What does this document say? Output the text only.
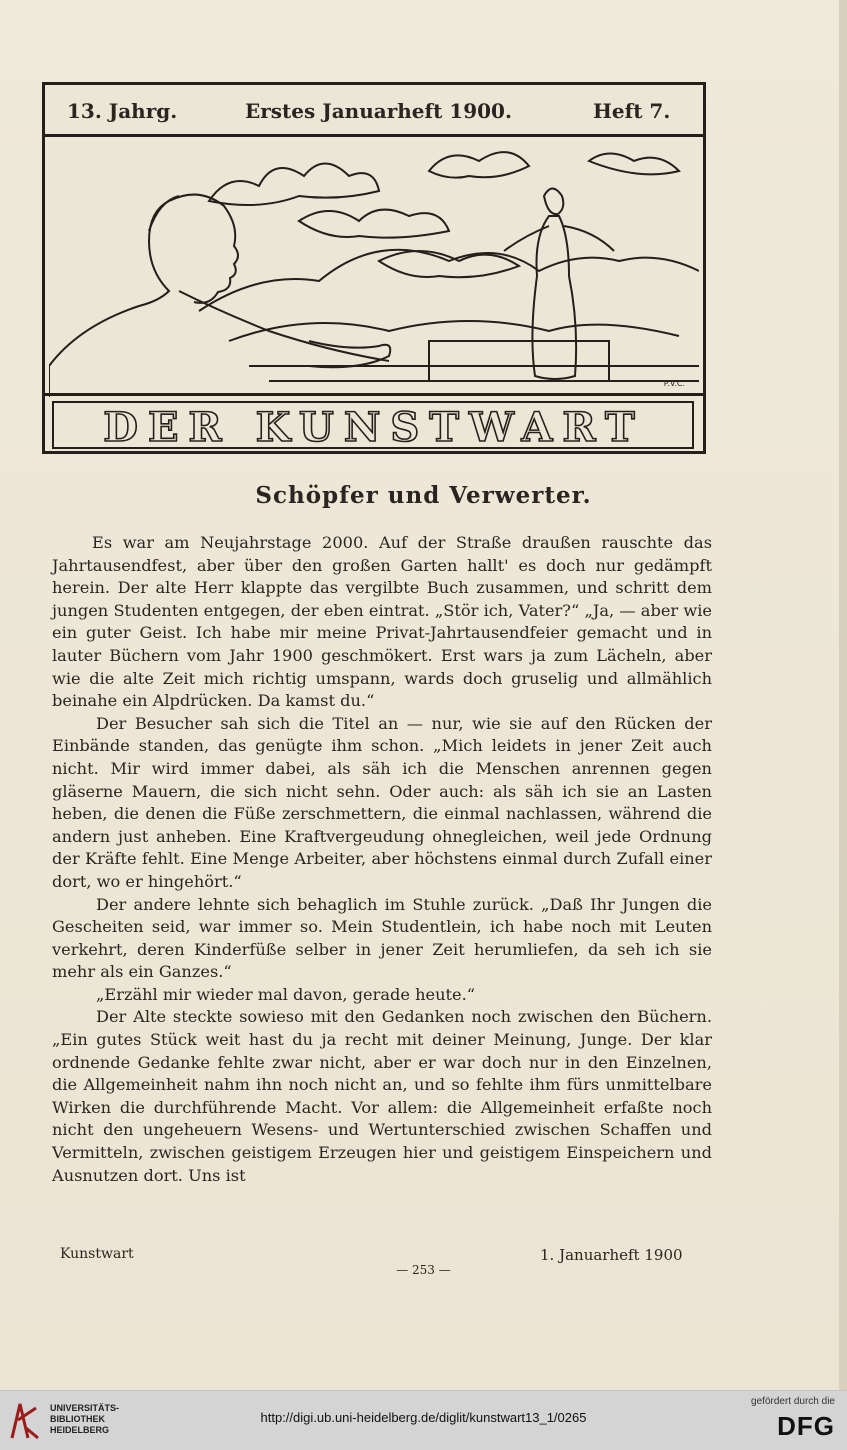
13. Jahrg.	Erstes Januarheft 1900.	Heft 7.
P.V.C.
DER KUNSTWART
Schöpfer und Verwerter.

Es war am Neujahrstage 2000. Auf der Straße draußen rauschte das Jahrtausendfest, aber über den großen Garten hallt' es doch nur gedämpft herein. Der alte Herr klappte das vergilbte Buch zusammen, und schritt dem jungen Studenten entgegen, der eben eintrat. „Stör ich, Vater?“ „Ja, — aber wie ein guter Geist. Ich habe mir meine Privat-Jahrtausendfeier gemacht und in lauter Büchern vom Jahr 1900 geschmökert. Erst wars ja zum Lächeln, aber wie die alte Zeit mich richtig umspann, wards doch gruselig und allmählich beinahe ein Alpdrücken. Da kamst du.“

Der Besucher sah sich die Titel an — nur, wie sie auf den Rücken der Einbände standen, das genügte ihm schon. „Mich leidets in jener Zeit auch nicht. Mir wird immer dabei, als säh ich die Menschen anrennen gegen gläserne Mauern, die sich nicht sehn. Oder auch: als säh ich sie an Lasten heben, die denen die Füße zerschmettern, die einmal nachlassen, während die andern just anheben. Eine Kraftvergeudung ohnegleichen, weil jede Ordnung der Kräfte fehlt. Eine Menge Arbeiter, aber höchstens einmal durch Zufall einer dort, wo er hingehört.“

Der andere lehnte sich behaglich im Stuhle zurück. „Daß Ihr Jungen die Gescheiten seid, war immer so. Mein Studentlein, ich habe noch mit Leuten verkehrt, deren Kinderfüße selber in jener Zeit herumliefen, da seh ich sie mehr als ein Ganzes.“

„Erzähl mir wieder mal davon, gerade heute.“

Der Alte steckte sowieso mit den Gedanken noch zwischen den Büchern. „Ein gutes Stück weit hast du ja recht mit deiner Meinung, Junge. Der klar ordnende Gedanke fehlte zwar nicht, aber er war doch nur in den Einzelnen, die Allgemeinheit nahm ihn noch nicht an, und so fehlte ihm fürs unmittelbare Wirken die durchführende Macht. Vor allem: die Allgemeinheit erfaßte noch nicht den ungeheuern Wesens- und Wertunterschied zwischen Schaffen und Vermitteln, zwischen geistigem Erzeugen hier und geistigem Einspeichern und Ausnutzen dort. Uns ist

Kunstwart	1. Januarheft 1900
— 253 —
UNIVERSITÄTS-
BIBLIOTHEK
HEIDELBERG
http://digi.ub.uni-heidelberg.de/diglit/kunstwart13_1/0265
gefördert durch die
DFG
